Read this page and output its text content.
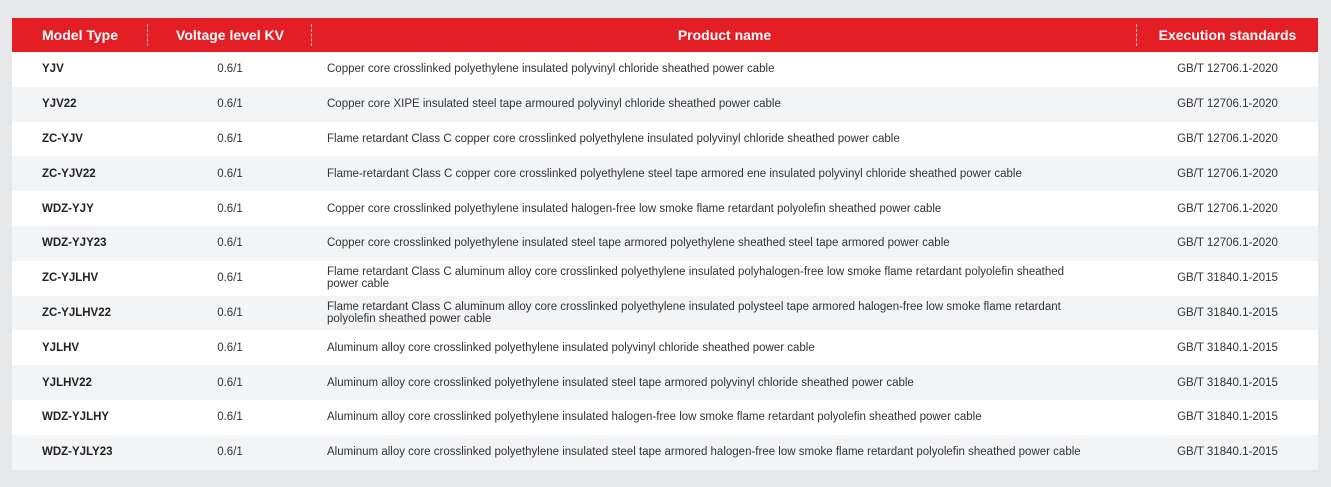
Model Type	Voltage level KV	Product name	Execution standards
YJV	0.6/1	Copper core crosslinked polyethylene insulated polyvinyl chloride sheathed power cable	GB/T 12706.1-2020
YJV22	0.6/1	Copper core XIPE insulated steel tape armoured polyvinyl chloride sheathed power cable	GB/T 12706.1-2020
ZC-YJV	0.6/1	Flame retardant Class C copper core crosslinked polyethylene insulated polyvinyl chloride sheathed power cable	GB/T 12706.1-2020
ZC-YJV22	0.6/1	Flame-retardant Class C copper core crosslinked polyethylene steel tape armored ene insulated polyvinyl chloride sheathed power cable	GB/T 12706.1-2020
WDZ-YJY	0.6/1	Copper core crosslinked polyethylene insulated halogen-free low smoke flame retardant polyolefin sheathed power cable	GB/T 12706.1-2020
WDZ-YJY23	0.6/1	Copper core crosslinked polyethylene insulated steel tape armored polyethylene sheathed steel tape armored power cable	GB/T 12706.1-2020
ZC-YJLHV	0.6/1	Flame retardant Class C aluminum alloy core crosslinked polyethylene insulated polyhalogen-free low smoke flame retardant polyolefin sheathed power cable	GB/T 31840.1-2015
ZC-YJLHV22	0.6/1	Flame retardant Class C aluminum alloy core crosslinked polyethylene insulated polysteel tape armored halogen-free low smoke flame retardant polyolefin sheathed power cable	GB/T 31840.1-2015
YJLHV	0.6/1	Aluminum alloy core crosslinked polyethylene insulated polyvinyl chloride sheathed power cable	GB/T 31840.1-2015
YJLHV22	0.6/1	Aluminum alloy core crosslinked polyethylene insulated steel tape armored polyvinyl chloride sheathed power cable	GB/T 31840.1-2015
WDZ-YJLHY	0.6/1	Aluminum alloy core crosslinked polyethylene insulated halogen-free low smoke flame retardant polyolefin sheathed power cable	GB/T 31840.1-2015
WDZ-YJLY23	0.6/1	Aluminum alloy core crosslinked polyethylene insulated steel tape armored halogen-free low smoke flame retardant polyolefin sheathed power cable	GB/T 31840.1-2015
